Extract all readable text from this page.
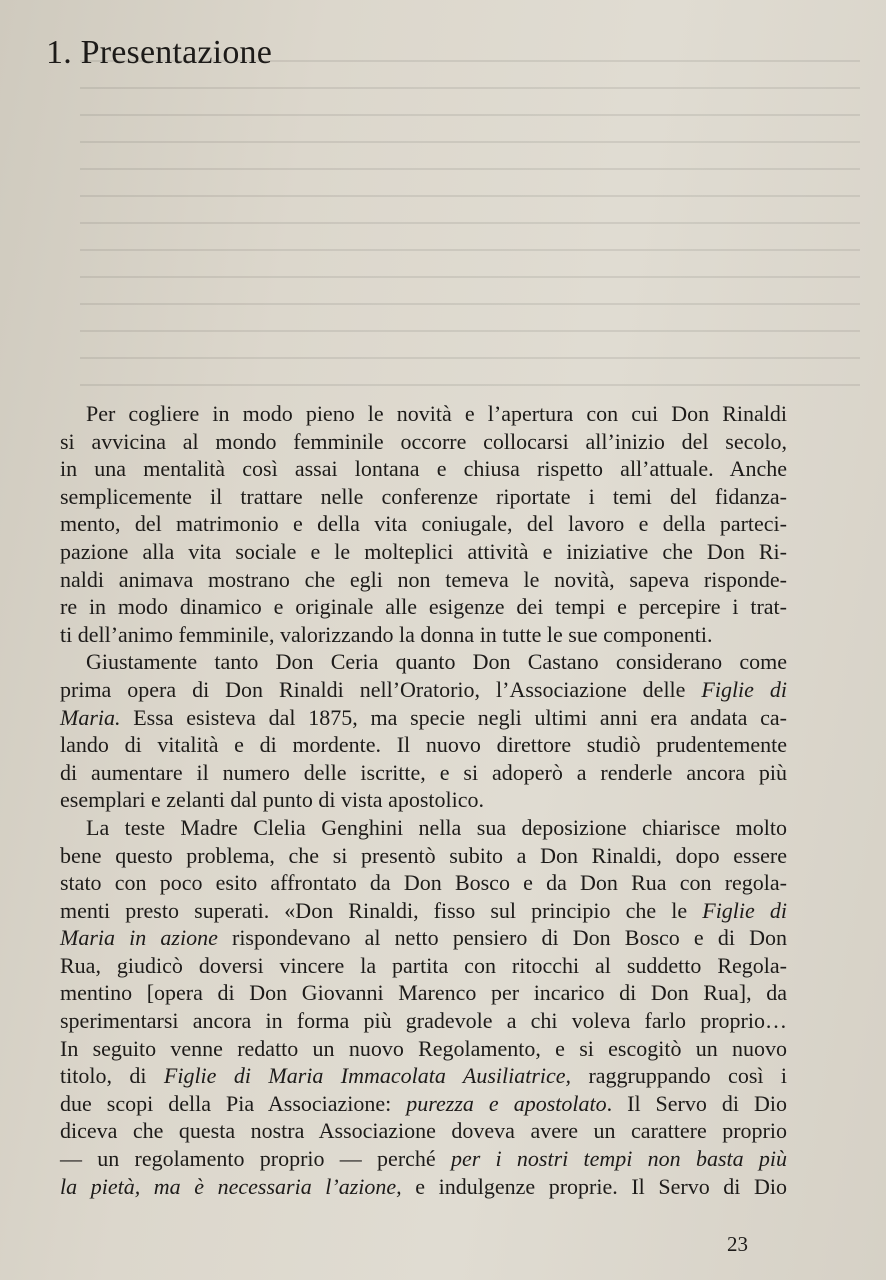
1. Presentazione
Per cogliere in modo pieno le novità e l’apertura con cui Don Rinaldi
si avvicina al mondo femminile occorre collocarsi all’inizio del secolo,
in una mentalità così assai lontana e chiusa rispetto all’attuale. Anche
semplicemente il trattare nelle conferenze riportate i temi del fidanza-
mento, del matrimonio e della vita coniugale, del lavoro e della parteci-
pazione alla vita sociale e le molteplici attività e iniziative che Don Ri-
naldi animava mostrano che egli non temeva le novità, sapeva risponde-
re in modo dinamico e originale alle esigenze dei tempi e percepire i trat-
ti dell’animo femminile, valorizzando la donna in tutte le sue componenti.
Giustamente tanto Don Ceria quanto Don Castano considerano come
prima opera di Don Rinaldi nell’Oratorio, l’Associazione delle Figlie di
Maria. Essa esisteva dal 1875, ma specie negli ultimi anni era andata ca-
lando di vitalità e di mordente. Il nuovo direttore studiò prudentemente
di aumentare il numero delle iscritte, e si adoperò a renderle ancora più
esemplari e zelanti dal punto di vista apostolico.
La teste Madre Clelia Genghini nella sua deposizione chiarisce molto
bene questo problema, che si presentò subito a Don Rinaldi, dopo essere
stato con poco esito affrontato da Don Bosco e da Don Rua con regola-
menti presto superati. «Don Rinaldi, fisso sul principio che le Figlie di
Maria in azione rispondevano al netto pensiero di Don Bosco e di Don
Rua, giudicò doversi vincere la partita con ritocchi al suddetto Regola-
mentino [opera di Don Giovanni Marenco per incarico di Don Rua], da
sperimentarsi ancora in forma più gradevole a chi voleva farlo proprio…
In seguito venne redatto un nuovo Regolamento, e si escogitò un nuovo
titolo, di Figlie di Maria Immacolata Ausiliatrice, raggruppando così i
due scopi della Pia Associazione: purezza e apostolato. Il Servo di Dio
diceva che questa nostra Associazione doveva avere un carattere proprio
— un regolamento proprio — perché per i nostri tempi non basta più
la pietà, ma è necessaria l’azione, e indulgenze proprie. Il Servo di Dio
23
